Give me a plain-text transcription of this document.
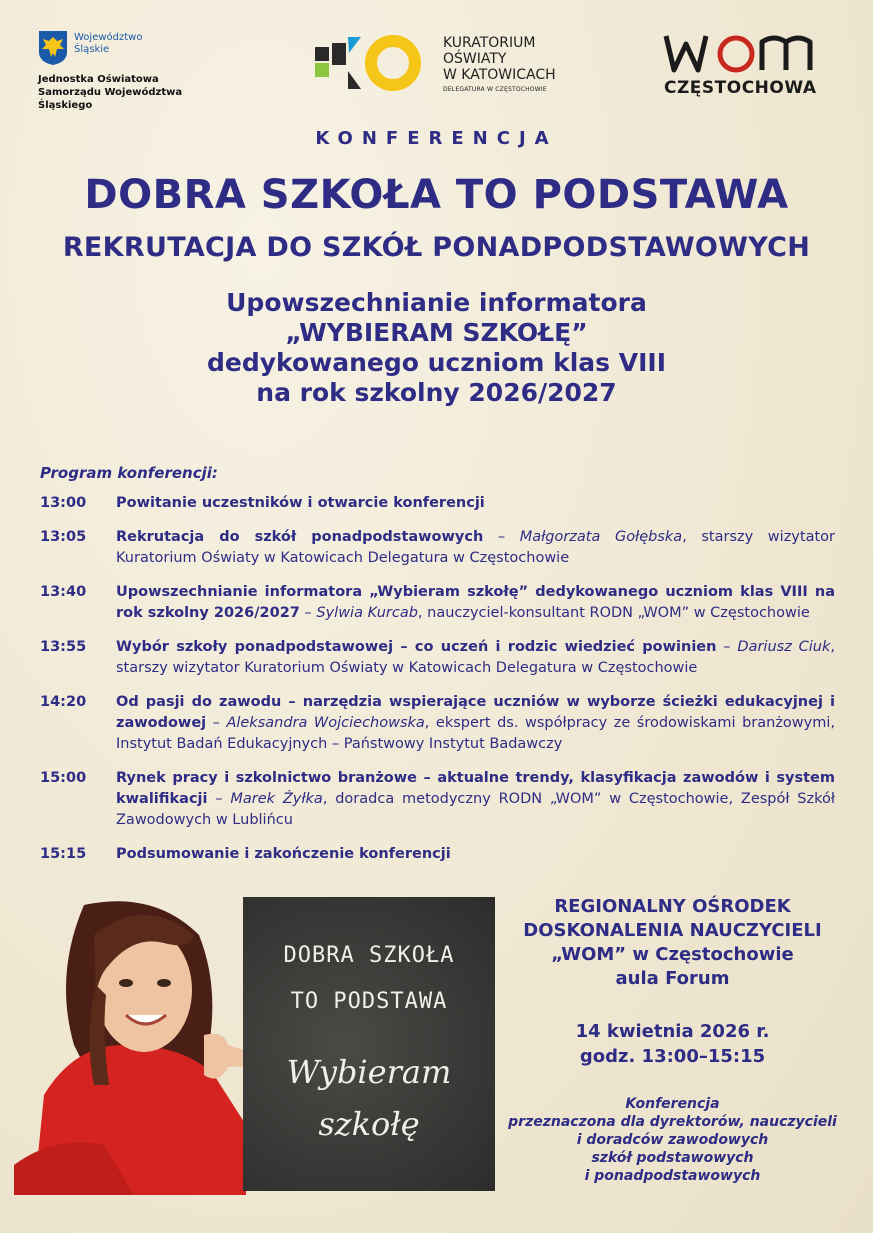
Województwo
Śląskie
Jednostka Oświatowa
Samorządu Województwa Śląskiego
KURATORIUM
OŚWIATY
W KATOWICACH
DELEGATURA W CZĘSTOCHOWIE	CZĘSTOCHOWA
KONFERENCJA
DOBRA SZKOŁA TO PODSTAWA
REKRUTACJA DO SZKÓŁ PONADPODSTAWOWYCH
Upowszechnianie informatora
„WYBIERAM SZKOŁĘ”
dedykowanego uczniom klas VIII
na rok szkolny 2026/2027
Program konferencji:
13:00	Powitanie uczestników i otwarcie konferencji
13:05	Rekrutacja do szkół ponadpodstawowych – Małgorzata Gołębska, starszy wizytator Kuratorium Oświaty w Katowicach Delegatura w Częstochowie
13:40	Upowszechnianie informatora „Wybieram szkołę” dedykowanego uczniom klas VIII na rok szkolny 2026/2027 – Sylwia Kurcab, nauczyciel-konsultant RODN „WOM” w Częstochowie
13:55	Wybór szkoły ponadpodstawowej – co uczeń i rodzic wiedzieć powinien – Dariusz Ciuk, starszy wizytator Kuratorium Oświaty w Katowicach Delegatura w Częstochowie
14:20	Od pasji do zawodu – narzędzia wspierające uczniów w wyborze ścieżki edukacyjnej i zawodowej – Aleksandra Wojciechowska, ekspert ds. współpracy ze środowiskami branżowymi, Instytut Badań Edukacyjnych – Państwowy Instytut Badawczy
15:00	Rynek pracy i szkolnictwo branżowe – aktualne trendy, klasyfikacja zawodów i system kwalifikacji – Marek Żyłka, doradca metodyczny RODN „WOM” w Częstochowie, Zespół Szkół Zawodowych w Lublińcu
15:15	Podsumowanie i zakończenie konferencji
DOBRA SZKOŁA
TO PODSTAWA
Wybieram
szkołę
REGIONALNY OŚRODEK
DOSKONALENIA NAUCZYCIELI
„WOM” w Częstochowie
aula Forum
14 kwietnia 2026 r.
godz. 13:00–15:15
Konferencja
przeznaczona dla dyrektorów, nauczycieli
i doradców zawodowych
szkół podstawowych
i ponadpodstawowych
